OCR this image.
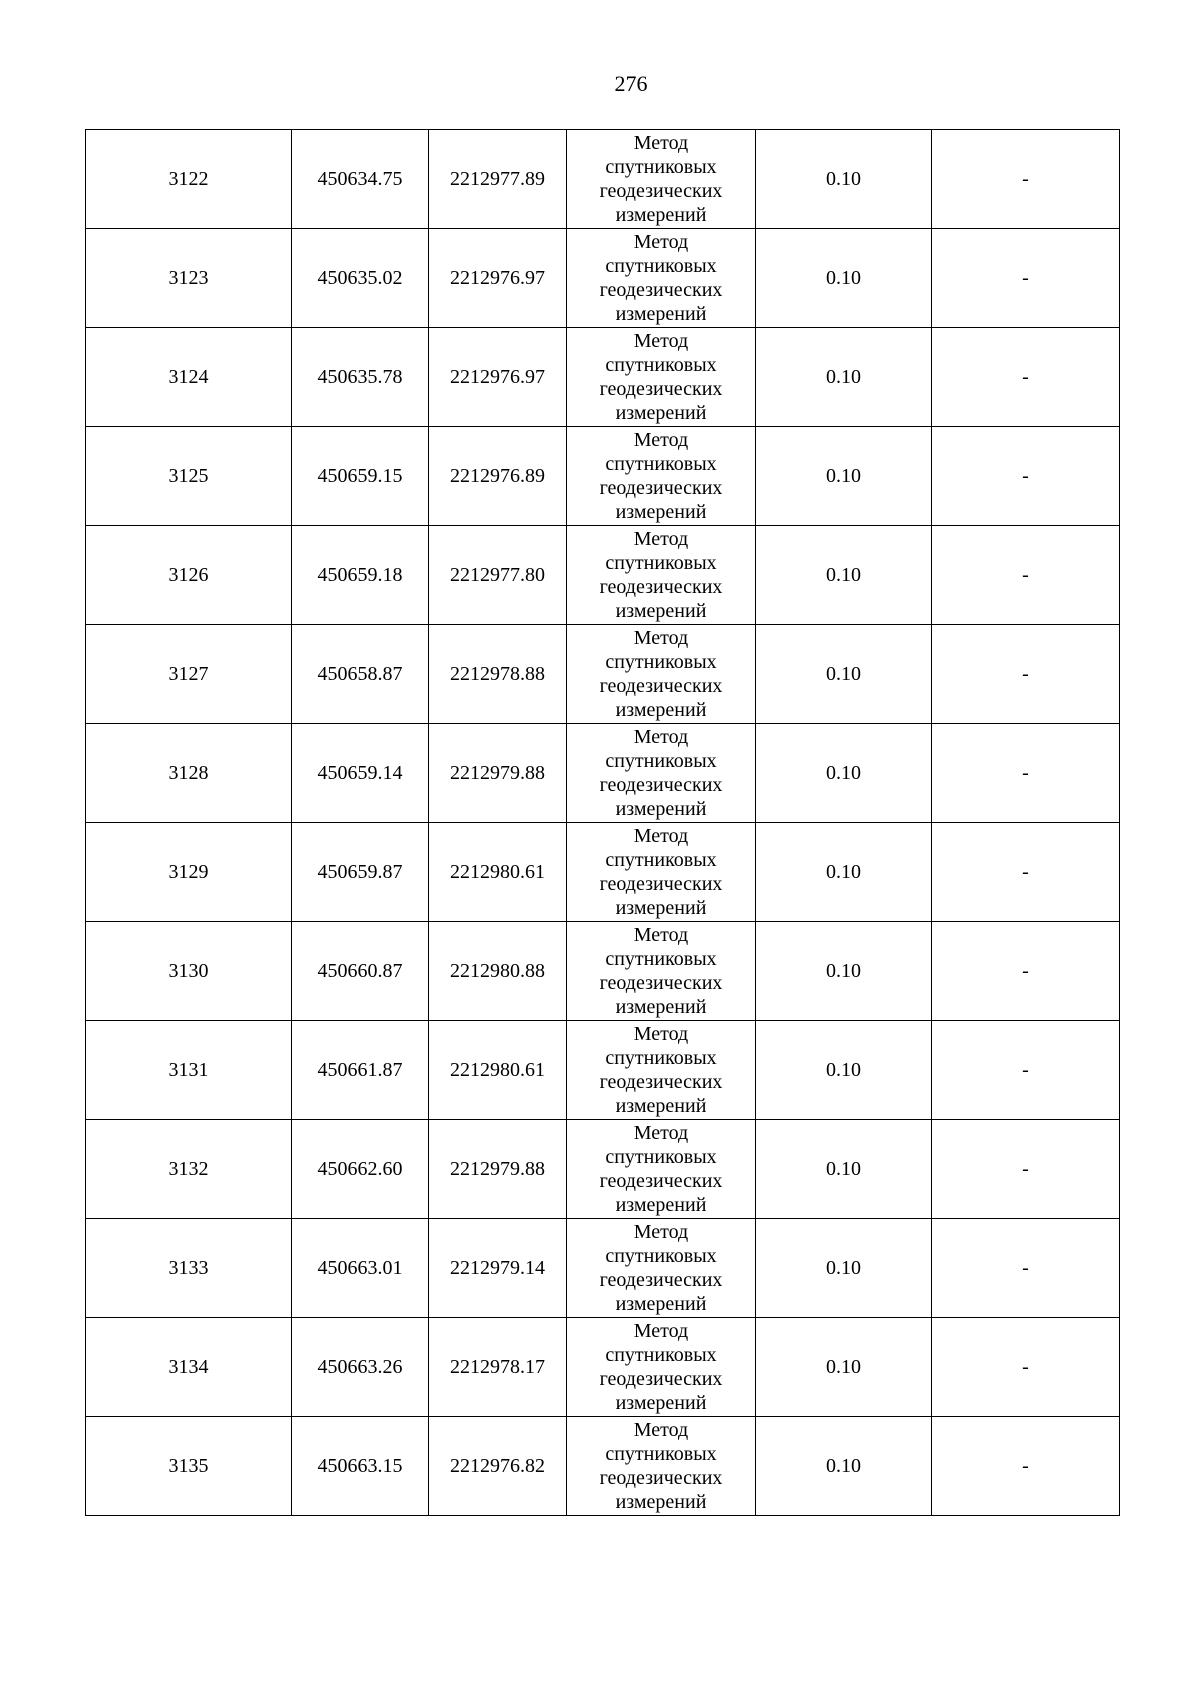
276
3122	450634.75	2212977.89	Метод
спутниковых
геодезических
измерений	0.10	-
3123	450635.02	2212976.97	Метод
спутниковых
геодезических
измерений	0.10	-
3124	450635.78	2212976.97	Метод
спутниковых
геодезических
измерений	0.10	-
3125	450659.15	2212976.89	Метод
спутниковых
геодезических
измерений	0.10	-
3126	450659.18	2212977.80	Метод
спутниковых
геодезических
измерений	0.10	-
3127	450658.87	2212978.88	Метод
спутниковых
геодезических
измерений	0.10	-
3128	450659.14	2212979.88	Метод
спутниковых
геодезических
измерений	0.10	-
3129	450659.87	2212980.61	Метод
спутниковых
геодезических
измерений	0.10	-
3130	450660.87	2212980.88	Метод
спутниковых
геодезических
измерений	0.10	-
3131	450661.87	2212980.61	Метод
спутниковых
геодезических
измерений	0.10	-
3132	450662.60	2212979.88	Метод
спутниковых
геодезических
измерений	0.10	-
3133	450663.01	2212979.14	Метод
спутниковых
геодезических
измерений	0.10	-
3134	450663.26	2212978.17	Метод
спутниковых
геодезических
измерений	0.10	-
3135	450663.15	2212976.82	Метод
спутниковых
геодезических
измерений	0.10	-
